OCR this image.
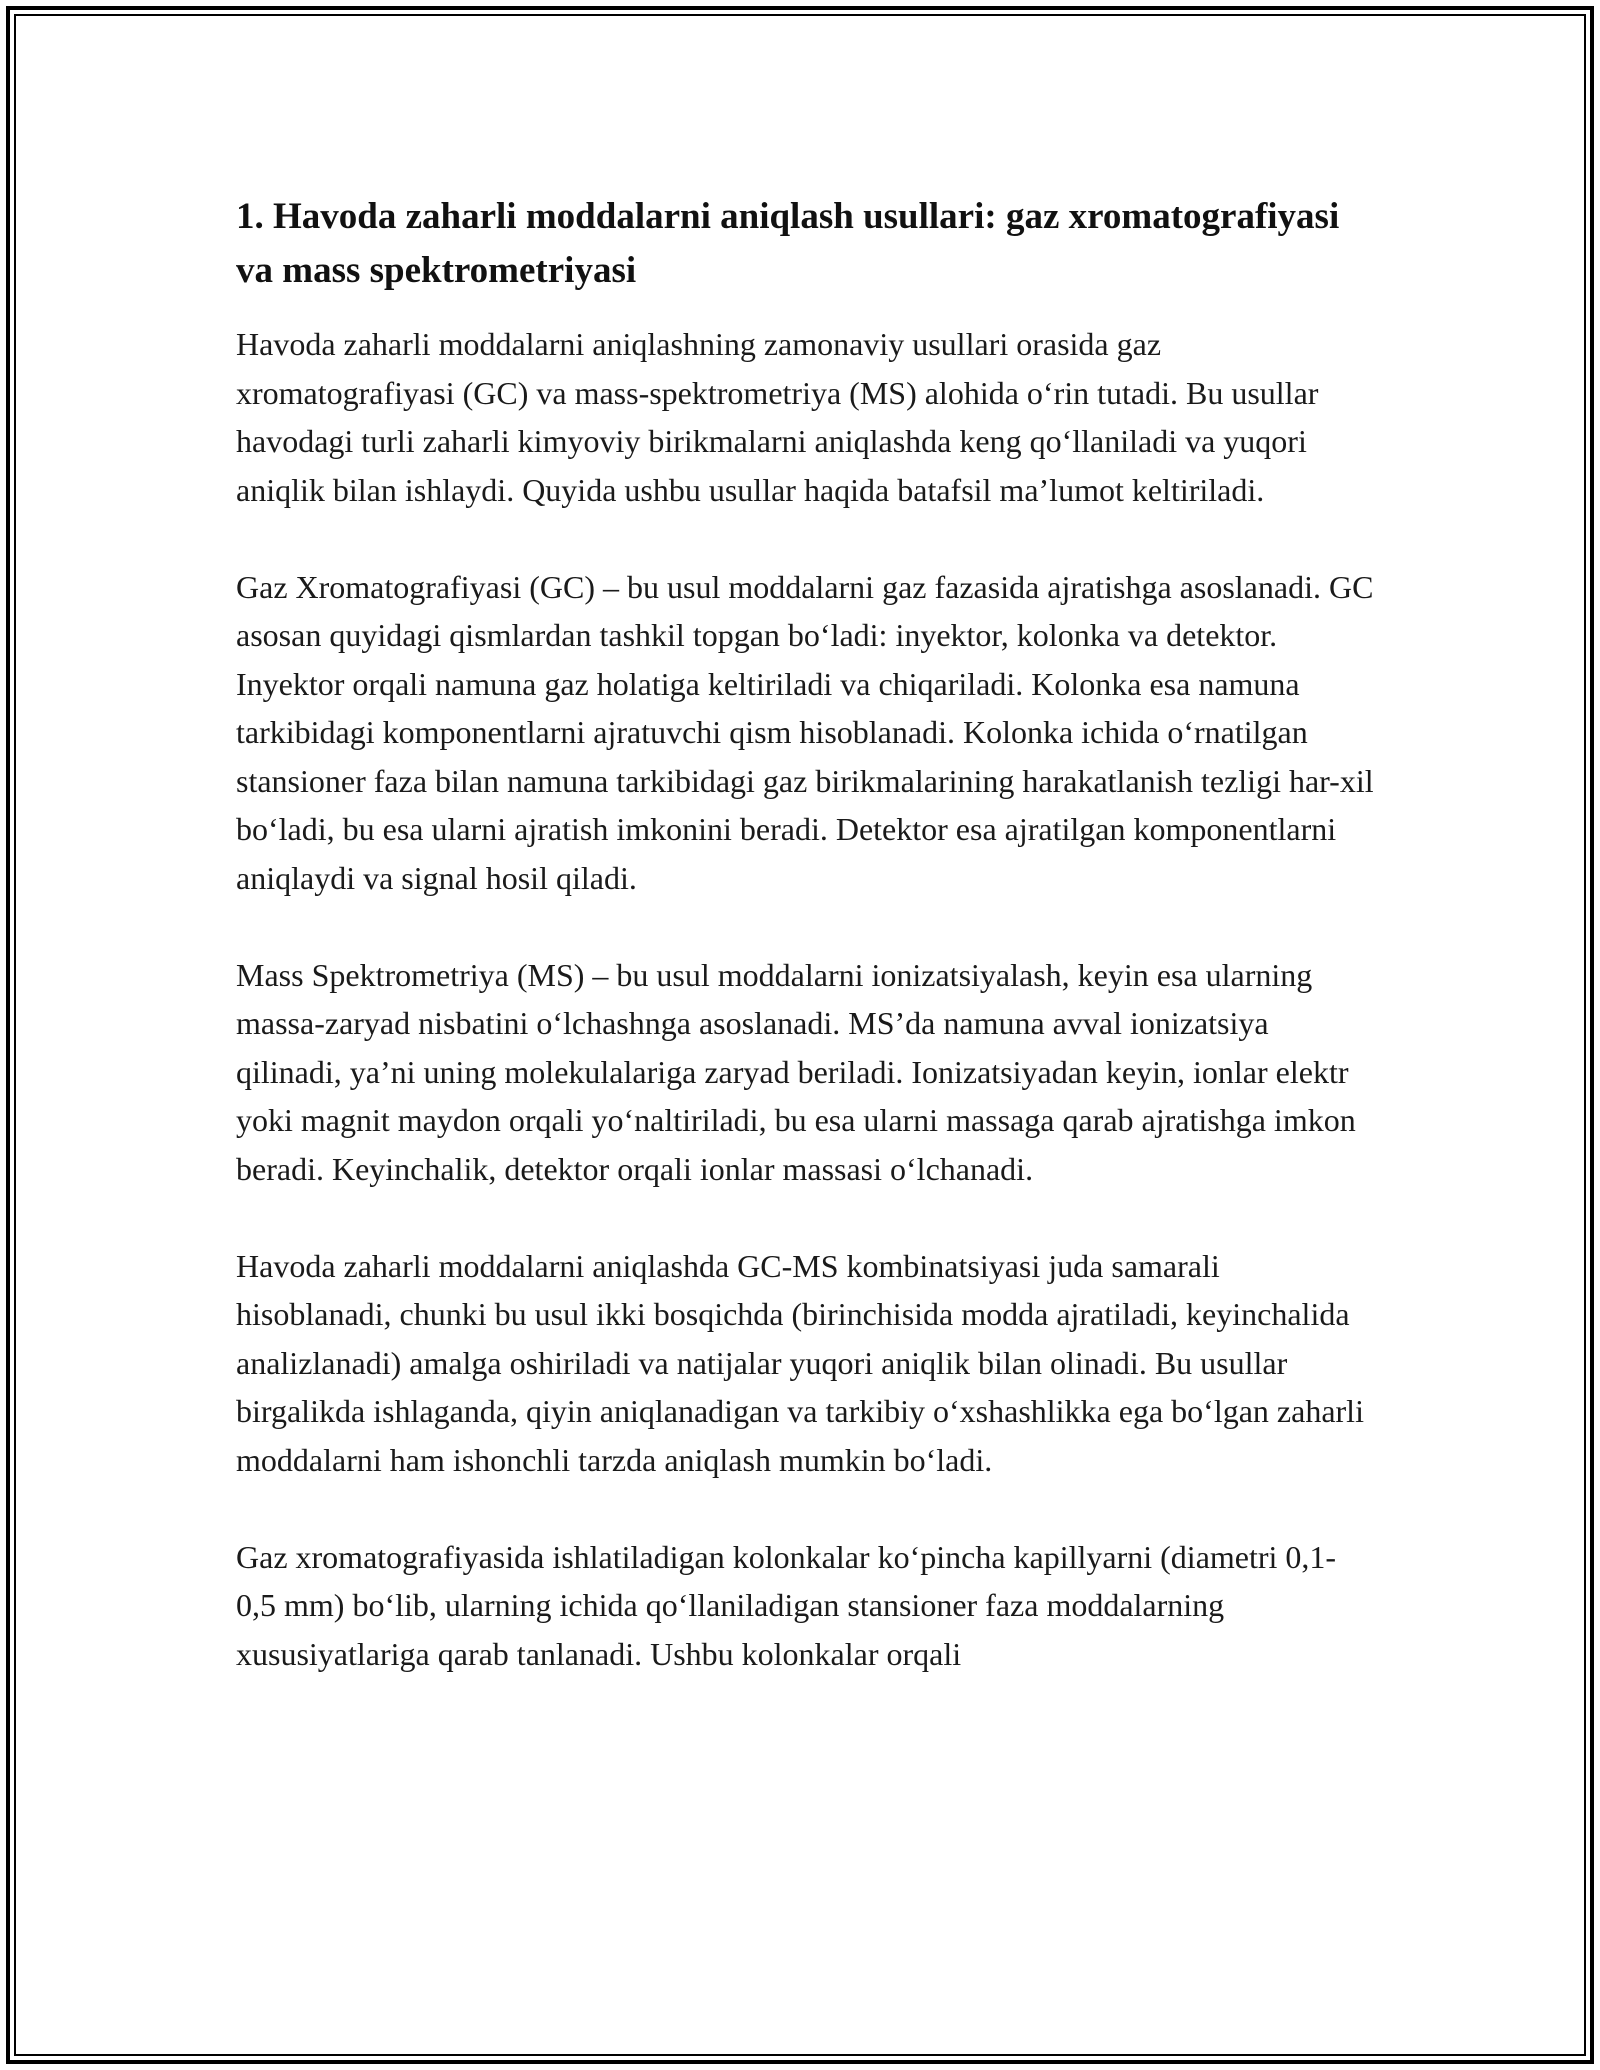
1. Havoda zaharli moddalarni aniqlash usullari: gaz xromatografiyasi va mass spektrometriyasi

Havoda zaharli moddalarni aniqlashning zamonaviy usullari orasida gaz xromatografiyasi (GC) va mass-spektrometriya (MS) alohida o‘rin tutadi. Bu usullar havodagi turli zaharli kimyoviy birikmalarni aniqlashda keng qo‘llaniladi va yuqori aniqlik bilan ishlaydi. Quyida ushbu usullar haqida batafsil ma’lumot keltiriladi.

Gaz Xromatografiyasi (GC) – bu usul moddalarni gaz fazasida ajratishga asoslanadi. GC asosan quyidagi qismlardan tashkil topgan bo‘ladi: inyektor, kolonka va detektor. Inyektor orqali namuna gaz holatiga keltiriladi va chiqariladi. Kolonka esa namuna tarkibidagi komponentlarni ajratuvchi qism hisoblanadi. Kolonka ichida o‘rnatilgan stansioner faza bilan namuna tarkibidagi gaz birikmalarining harakatlanish tezligi har-xil bo‘ladi, bu esa ularni ajratish imkonini beradi. Detektor esa ajratilgan komponentlarni aniqlaydi va signal hosil qiladi.

Mass Spektrometriya (MS) – bu usul moddalarni ionizatsiyalash, keyin esa ularning massa-zaryad nisbatini o‘lchashnga asoslanadi. MS’da namuna avval ionizatsiya qilinadi, ya’ni uning molekulalariga zaryad beriladi. Ionizatsiyadan keyin, ionlar elektr yoki magnit maydon orqali yo‘naltiriladi, bu esa ularni massaga qarab ajratishga imkon beradi. Keyinchalik, detektor orqali ionlar massasi o‘lchanadi.

Havoda zaharli moddalarni aniqlashda GC-MS kombinatsiyasi juda samarali hisoblanadi, chunki bu usul ikki bosqichda (birinchisida modda ajratiladi, keyinchalida analizlanadi) amalga oshiriladi va natijalar yuqori aniqlik bilan olinadi. Bu usullar birgalikda ishlaganda, qiyin aniqlanadigan va tarkibiy o‘xshashlikka ega bo‘lgan zaharli moddalarni ham ishonchli tarzda aniqlash mumkin bo‘ladi.

Gaz xromatografiyasida ishlatiladigan kolonkalar ko‘pincha kapillyarni (diametri 0,1-0,5 mm) bo‘lib, ularning ichida qo‘llaniladigan stansioner faza moddalarning xususiyatlariga qarab tanlanadi. Ushbu kolonkalar orqali
